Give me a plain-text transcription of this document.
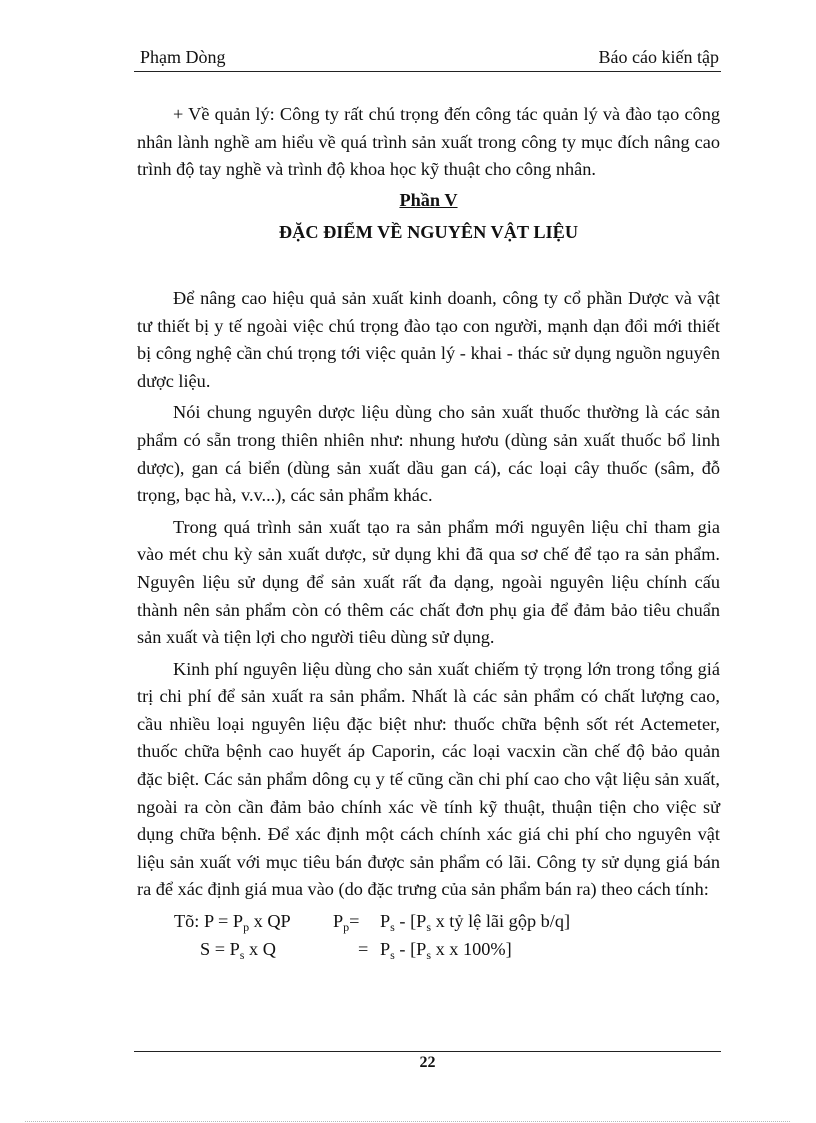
Phạm Dòng	Báo cáo kiến tập

+ Về quản lý: Công ty rất chú trọng đến công tác quản lý và đào tạo công nhân lành nghề am hiểu về quá trình sản xuất trong công ty mục đích nâng cao trình độ tay nghề và trình độ khoa học kỹ thuật cho công nhân.

Phần V
ĐẶC ĐIỂM VỀ NGUYÊN VẬT LIỆU

Để nâng cao hiệu quả sản xuất kinh doanh, công ty cổ phần Dược và vật tư thiết bị y tế ngoài việc chú trọng đào tạo con người, mạnh dạn đổi mới thiết bị công nghệ cần chú trọng tới việc quản lý - khai - thác sử dụng nguồn nguyên dược liệu.

Nói chung nguyên dược liệu dùng cho sản xuất thuốc thường là các sản phẩm có sẵn trong thiên nhiên như: nhung hươu (dùng sản xuất thuốc bổ linh dược), gan cá biển (dùng sản xuất dầu gan cá), các loại cây thuốc (sâm, đỗ trọng, bạc hà, v.v...), các sản phẩm khác.

Trong quá trình sản xuất tạo ra sản phẩm mới nguyên liệu chỉ tham gia vào mét chu kỳ sản xuất dược, sử dụng khi đã qua sơ chế để tạo ra sản phẩm. Nguyên liệu sử dụng để sản xuất rất đa dạng, ngoài nguyên liệu chính cấu thành nên sản phẩm còn có thêm các chất đơn phụ gia để đảm bảo tiêu chuẩn sản xuất và tiện lợi cho người tiêu dùng sử dụng.

Kinh phí nguyên liệu dùng cho sản xuất chiếm tỷ trọng lớn trong tổng giá trị chi phí để sản xuất ra sản phẩm. Nhất là các sản phẩm có chất lượng cao, cầu nhiều loại nguyên liệu đặc biệt như: thuốc chữa bệnh sốt rét Actemeter, thuốc chữa bệnh cao huyết áp Caporin, các loại vacxin cần chế độ bảo quản đặc biệt. Các sản phẩm dông cụ y tế cũng cần chi phí cao cho vật liệu sản xuất, ngoài ra còn cần đảm bảo chính xác về tính kỹ thuật, thuận tiện cho việc sử dụng chữa bệnh. Để xác định một cách chính xác giá chi phí cho nguyên vật liệu sản xuất với mục tiêu bán được sản phẩm có lãi. Công ty sử dụng giá bán ra để xác định giá mua vào (do đặc trưng của sản phẩm bán ra) theo cách tính:

Tõ: $P = P_p$ x QP $P_p= P_s - [P_s$ x tỷ lệ lãi gộp b/q]
$S = P_s$ x Q	= $P_s - [P_s$ x x 100%]
22
